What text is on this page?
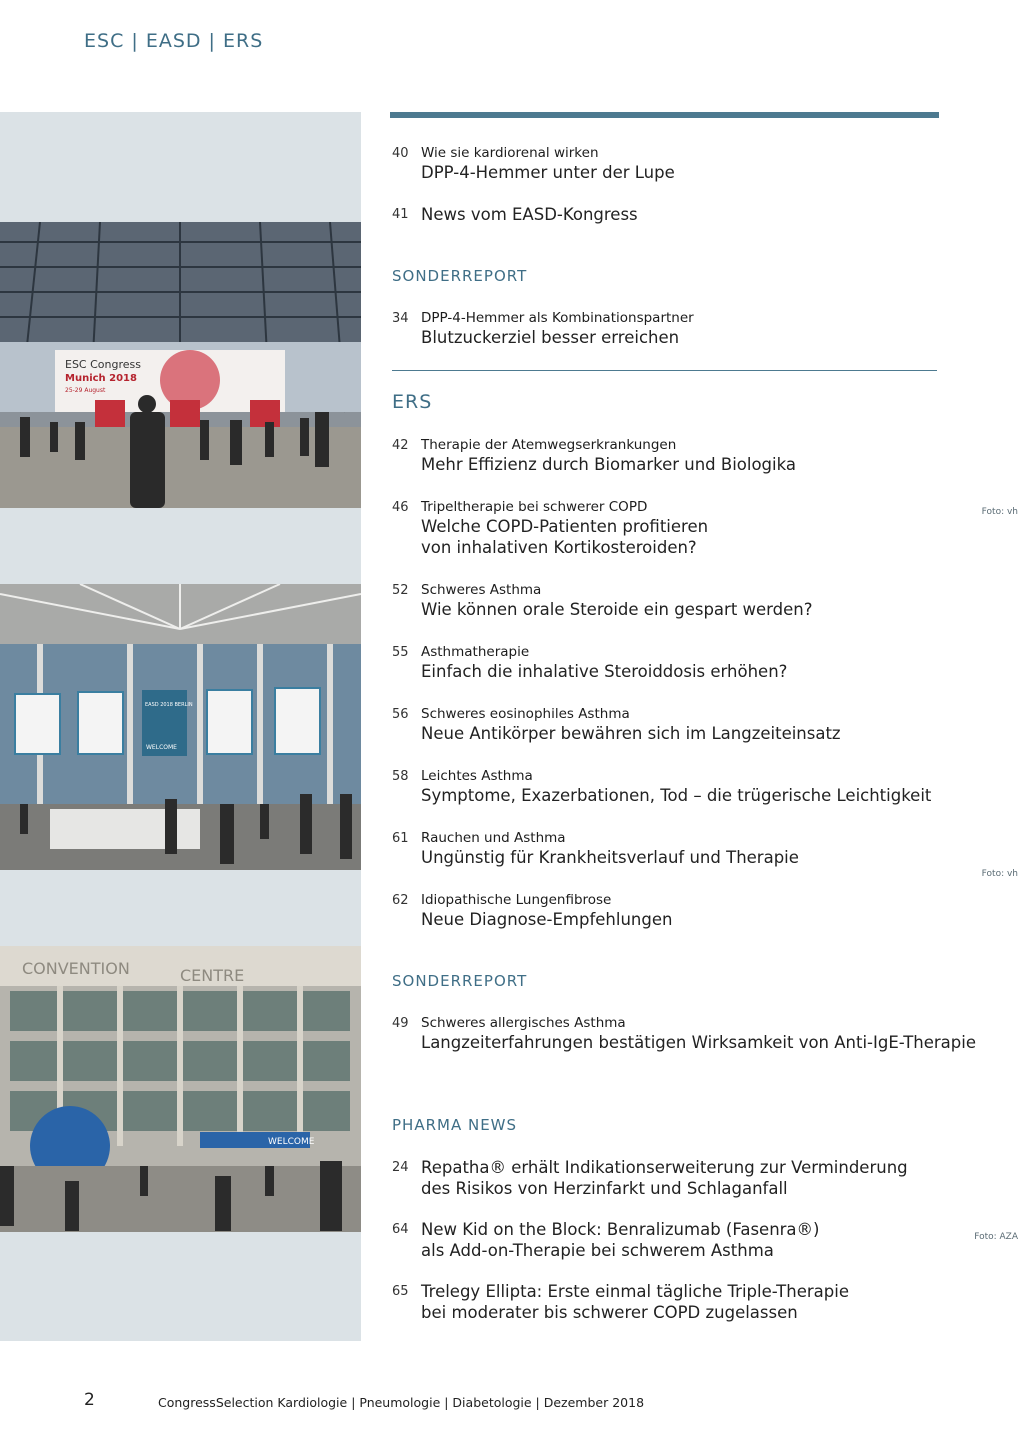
ESC | EASD | ERS
ESC Congress
Munich 2018
25-29 August
Foto: vh
EASD 2018 BERLIN
WELCOME
Foto: vh
CONVENTION	CENTRE
WELCOME
Foto: AZA
40 Wie sie kardiorenal wirken
DPP-4-Hemmer unter der Lupe
41 News vom EASD-Kongress
SONDERREPORT
34 DPP-4-Hemmer als Kombinationspartner
Blutzuckerziel besser erreichen
ERS
42 Therapie der Atemwegserkrankungen
Mehr Effizienz durch Biomarker und Biologika
46 Tripeltherapie bei schwerer COPD
Welche COPD-Patienten profitieren
von inhalativen Kortikosteroiden?
52 Schweres Asthma
Wie können orale Steroide ein gespart werden?
55 Asthmatherapie
Einfach die inhalative Steroiddosis erhöhen?
56 Schweres eosinophiles Asthma
Neue Antikörper bewähren sich im Langzeiteinsatz
58 Leichtes Asthma
Symptome, Exazerbationen, Tod – die trügerische Leichtigkeit
61 Rauchen und Asthma
Ungünstig für Krankheitsverlauf und Therapie
62 Idiopathische Lungenfibrose
Neue Diagnose-Empfehlungen
SONDERREPORT
49 Schweres allergisches Asthma
Langzeiterfahrungen bestätigen Wirksamkeit von Anti-IgE-Therapie
PHARMA NEWS
24 Repatha® erhält Indikationserweiterung zur Verminderung
des Risikos von Herzinfarkt und Schlaganfall
64 New Kid on the Block: Benralizumab (Fasenra®)
als Add-on-Therapie bei schwerem Asthma
65 Trelegy Ellipta: Erste einmal tägliche Triple-Therapie
bei moderater bis schwerer COPD zugelassen
2	CongressSelection Kardiologie | Pneumologie | Diabetologie | Dezember 2018
